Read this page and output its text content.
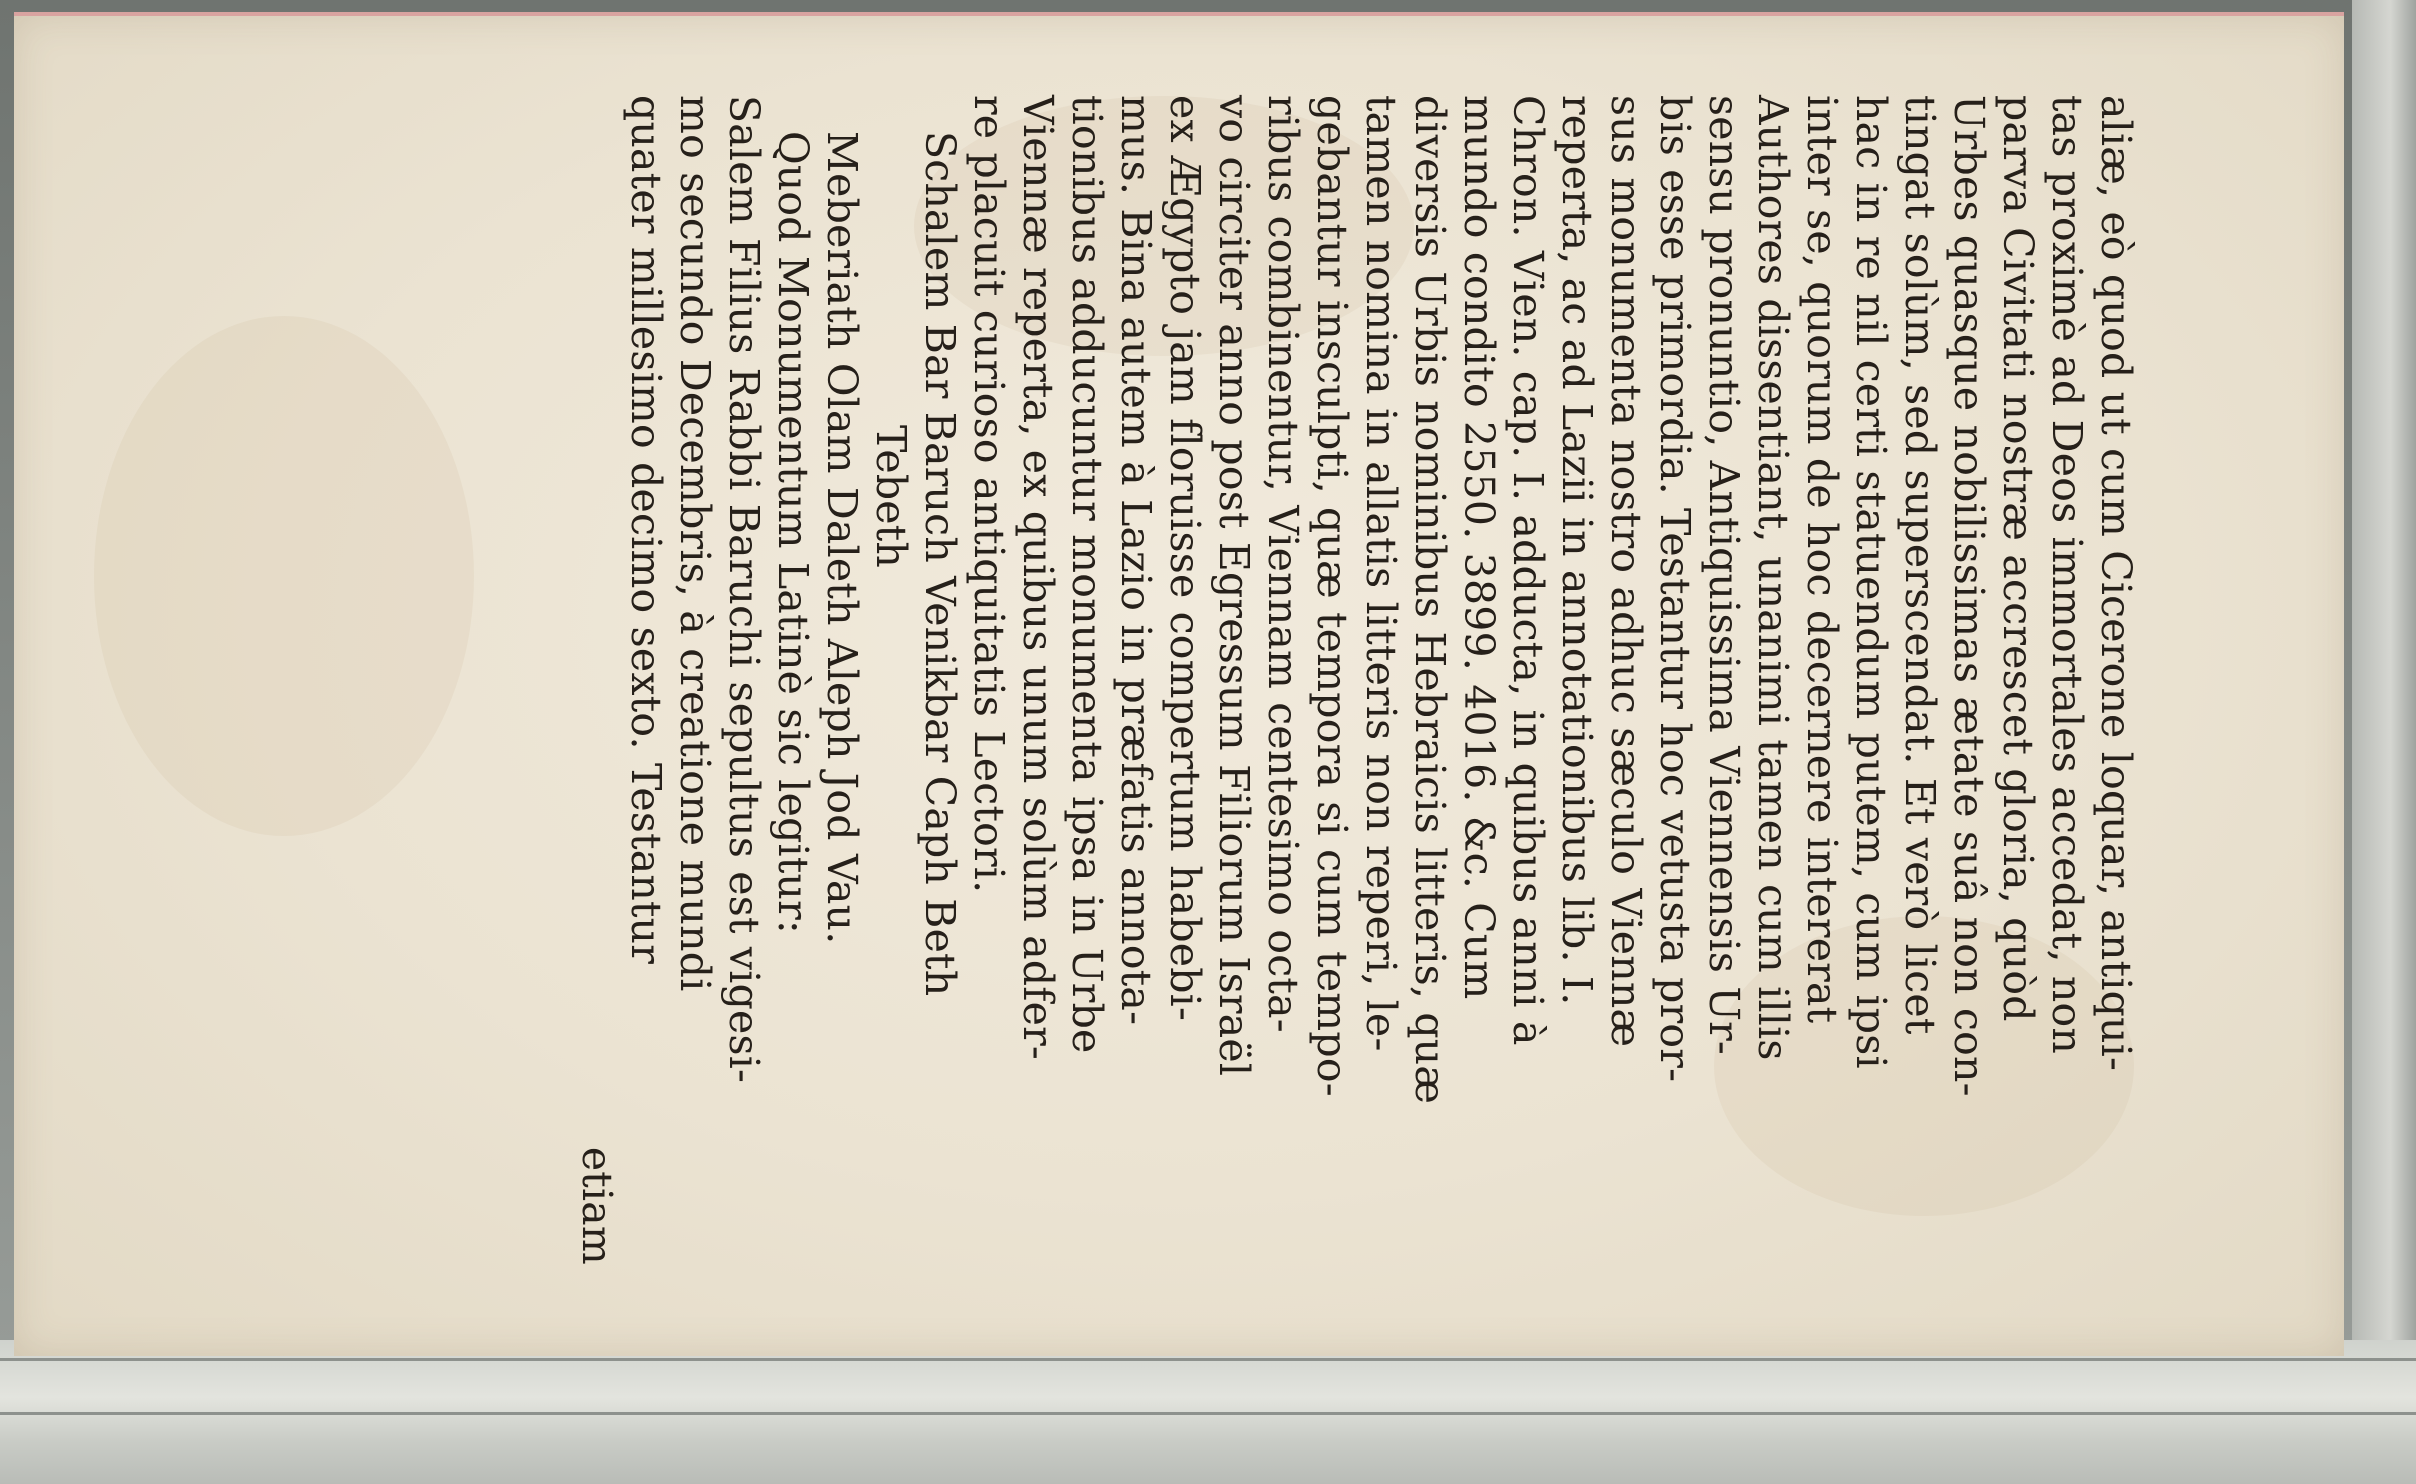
aliæ, eò quod ut cum Cicerone loquar, antiqui-
tas proximè ad Deos immortales accedat, non
parva Civitati nostræ accrescet gloria, quòd
Urbes quasque nobilissimas ætate suâ non con-
tingat solùm, sed superscendat. Et verò licet
hac in re nil certi statuendum putem, cum ipsi
inter se, quorum de hoc decernere intererat
Authores dissentiant, unanimi tamen cum illis
sensu pronuntio, Antiquissima Viennensis Ur-
bis esse primordia. Testantur hoc vetusta pror-
sus monumenta nostro adhuc sæculo Viennæ
reperta, ac ad Lazii in annotationibus lib. I.
Chron. Vien. cap. I. adducta, in quibus anni à
mundo condito 2550. 3899. 4016. &c. Cum
diversis Urbis nominibus Hebraicis litteris, quæ
tamen nomina in allatis litteris non reperi, le-
gebantur insculpti, quæ tempora si cum tempo-
ribus combinentur, Viennam centesimo octa-
vo circiter anno post Egressum Filiorum Israël
ex Ægypto jam floruisse compertum habebi-
mus. Bina autem à Lazio in præfatis annota-
tionibus adducuntur monumenta ipsa in Urbe
Viennæ reperta, ex quibus unum solùm adfer-
re placuit curioso antiquitatis Lectori.
Schalem Bar Baruch Venikbar Caph Beth
Tebeth
Meberiath Olam Daleth Aleph Jod Vau.
Quod Monumentum Latinè sic legitur:
Salem Filius Rabbi Baruchi sepultus est vigesi-
mo secundo Decembris, à creatione mundi
quater millesimo decimo sexto. Testantur
etiam
